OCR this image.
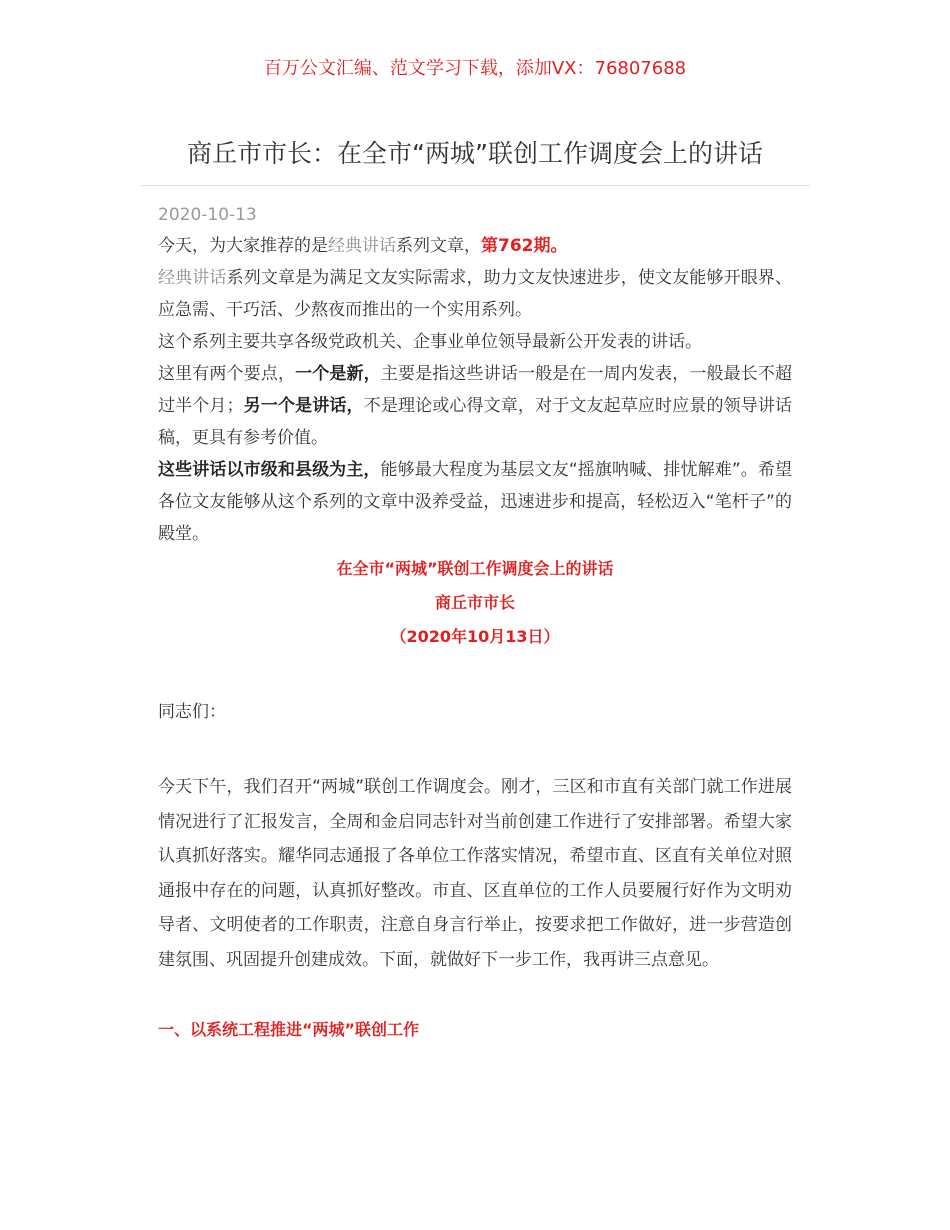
百万公文汇编、范文学习下载，添加VX：76807688
商丘市市长：在全市“两城”联创工作调度会上的讲话
2020-10-13

今天，为大家推荐的是经典讲话系列文章，第762期。

经典讲话系列文章是为满足文友实际需求，助力文友快速进步，使文友能够开眼界、应急需、干巧活、少熬夜而推出的一个实用系列。

这个系列主要共享各级党政机关、企事业单位领导最新公开发表的讲话。

这里有两个要点，一个是新，主要是指这些讲话一般是在一周内发表，一般最长不超过半个月；另一个是讲话，不是理论或心得文章，对于文友起草应时应景的领导讲话稿，更具有参考价值。

这些讲话以市级和县级为主，能够最大程度为基层文友“摇旗呐喊、排忧解难”。希望各位文友能够从这个系列的文章中汲养受益，迅速进步和提高，轻松迈入“笔杆子”的殿堂。

在全市“两城”联创工作调度会上的讲话
商丘市市长
（2020年10月13日）

同志们：

今天下午，我们召开“两城”联创工作调度会。刚才，三区和市直有关部门就工作进展情况进行了汇报发言，全周和金启同志针对当前创建工作进行了安排部署。希望大家认真抓好落实。耀华同志通报了各单位工作落实情况，希望市直、区直有关单位对照通报中存在的问题，认真抓好整改。市直、区直单位的工作人员要履行好作为文明劝导者、文明使者的工作职责，注意自身言行举止，按要求把工作做好，进一步营造创建氛围、巩固提升创建成效。下面，就做好下一步工作，我再讲三点意见。

一、以系统工程推进“两城”联创工作
